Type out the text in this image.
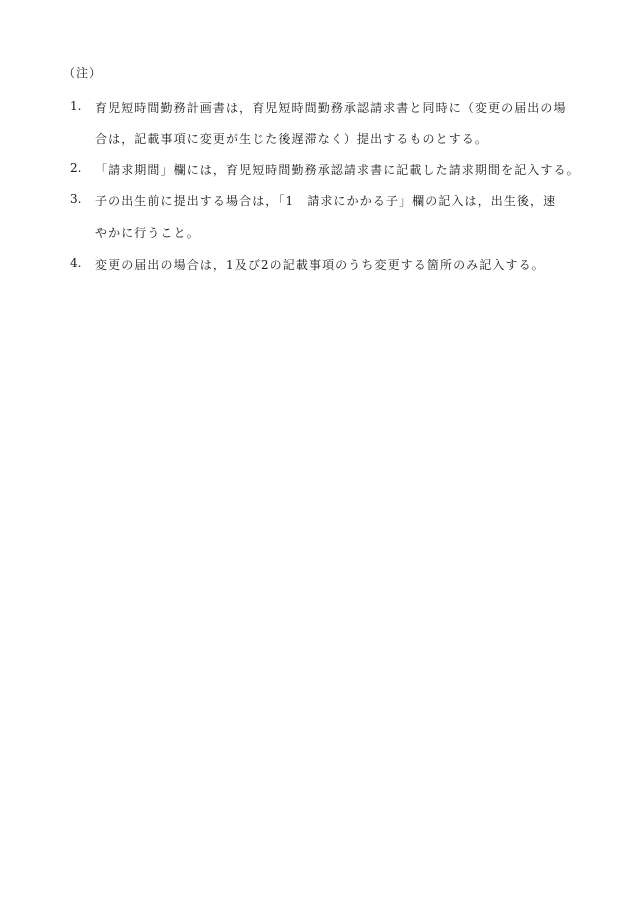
（注）
1.	育児短時間勤務計画書は，育児短時間勤務承認請求書と同時に（変更の届出の場
合は，記載事項に変更が生じた後遅滞なく）提出するものとする。
2.	「請求期間」欄には，育児短時間勤務承認請求書に記載した請求期間を記入する。
3.	子の出生前に提出する場合は，「1　請求にかかる子」欄の記入は，出生後，速
やかに行うこと。
4.	変更の届出の場合は，1及び2の記載事項のうち変更する箇所のみ記入する。
